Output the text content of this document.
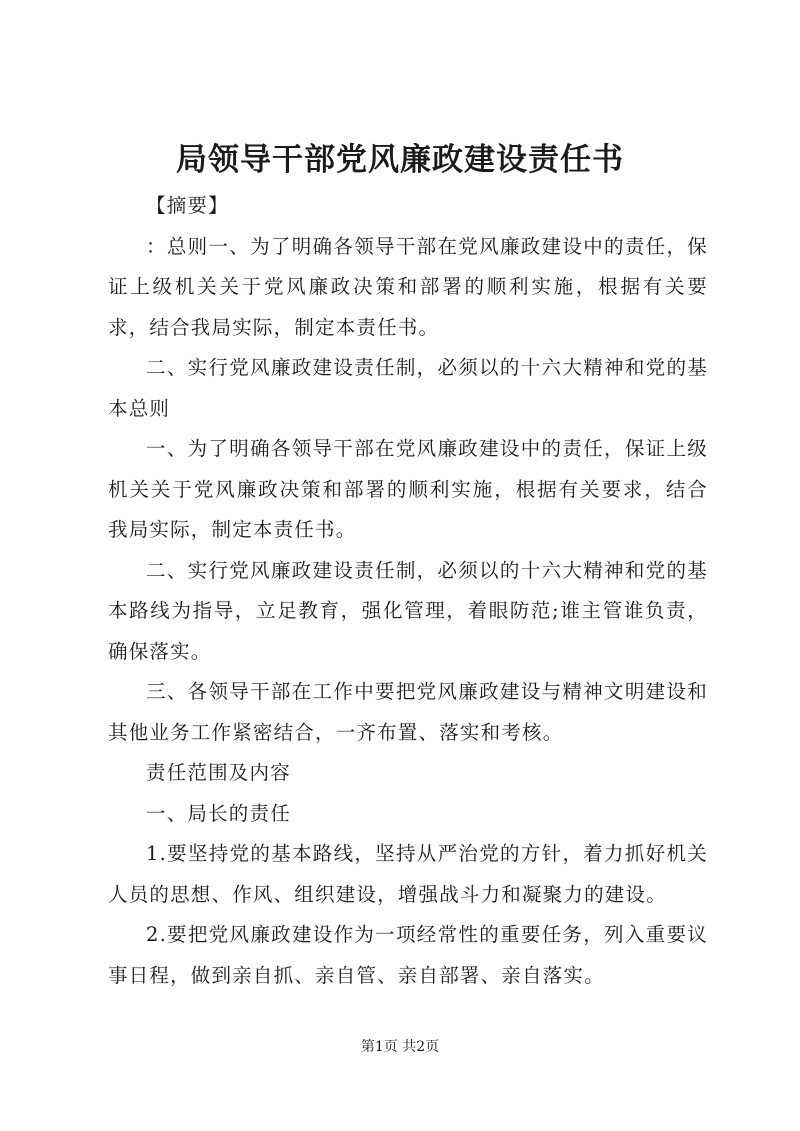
局领导干部党风廉政建设责任书

【摘要】

：总则一、为了明确各领导干部在党风廉政建设中的责任，保证上级机关关于党风廉政决策和部署的顺利实施，根据有关要求，结合我局实际，制定本责任书。

二、实行党风廉政建设责任制，必须以的十六大精神和党的基本总则

一、为了明确各领导干部在党风廉政建设中的责任，保证上级机关关于党风廉政决策和部署的顺利实施，根据有关要求，结合我局实际，制定本责任书。

二、实行党风廉政建设责任制，必须以的十六大精神和党的基本路线为指导，立足教育，强化管理，着眼防范;谁主管谁负责，确保落实。

三、各领导干部在工作中要把党风廉政建设与精神文明建设和其他业务工作紧密结合，一齐布置、落实和考核。

责任范围及内容

一、局长的责任

1.要坚持党的基本路线，坚持从严治党的方针，着力抓好机关人员的思想、作风、组织建设，增强战斗力和凝聚力的建设。

2.要把党风廉政建设作为一项经常性的重要任务，列入重要议事日程，做到亲自抓、亲自管、亲自部署、亲自落实。

第1页 共2页
